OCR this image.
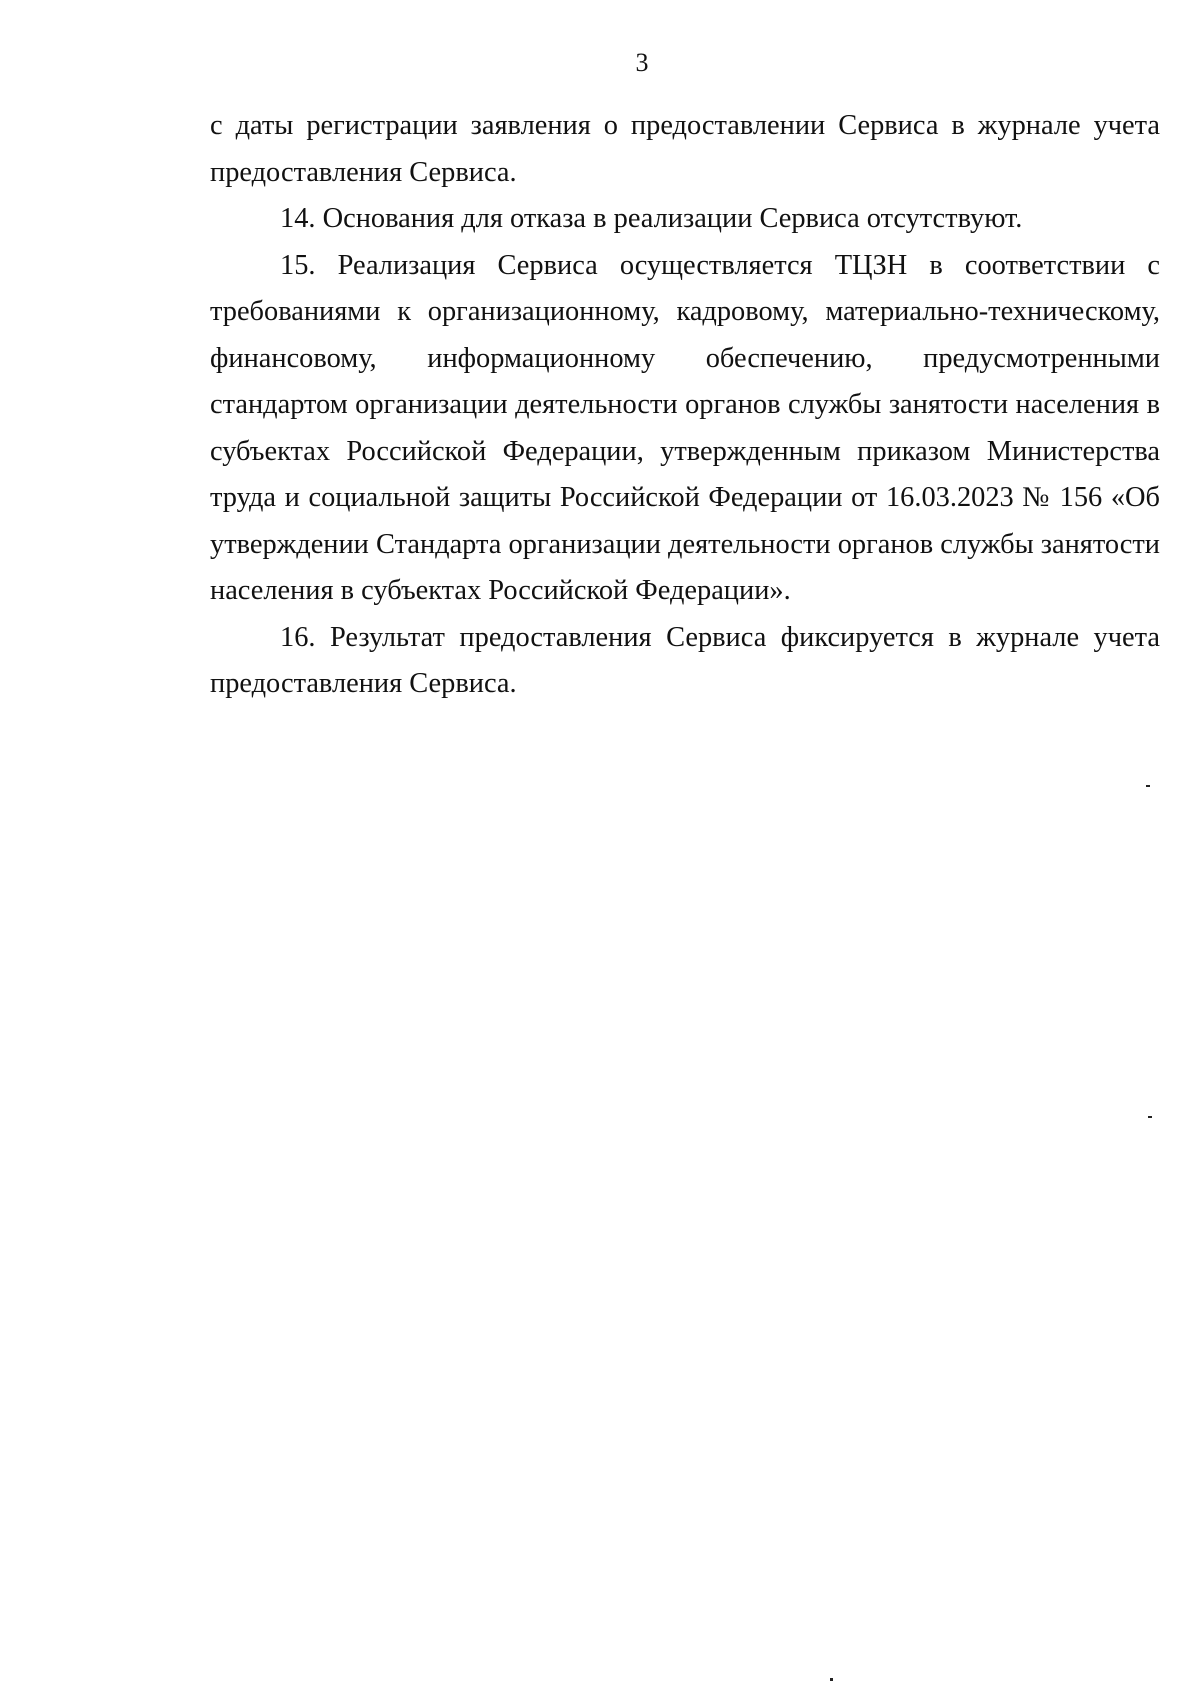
3

с даты регистрации заявления о предоставлении Сервиса в журнале учета предоставления Сервиса.

14. Основания для отказа в реализации Сервиса отсутствуют.

15. Реализация Сервиса осуществляется ТЦЗН в соответствии с требованиями к организационному, кадровому, материально-техническому, финансовому, информационному обеспечению, предусмотренными стандартом организации деятельности органов службы занятости населения в субъектах Российской Федерации, утвержденным приказом Министерства труда и социальной защиты Российской Федерации от 16.03.2023 № 156 «Об утверждении Стандарта организации деятельности органов службы занятости населения в субъектах Российской Федерации».

16. Результат предоставления Сервиса фиксируется в журнале учета предоставления Сервиса.
